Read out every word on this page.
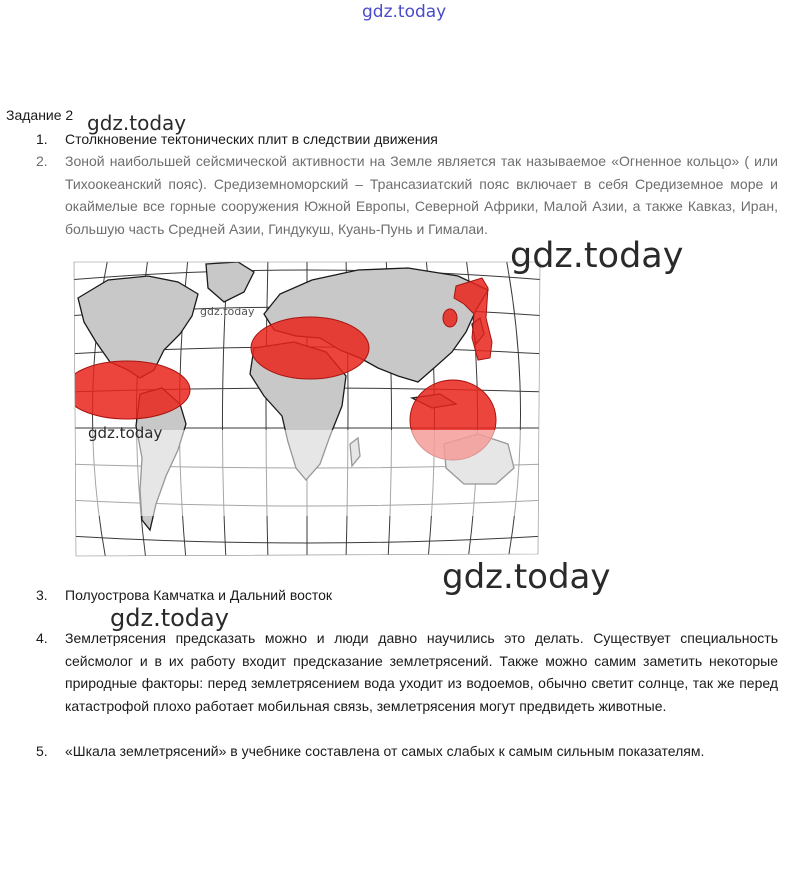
gdz.today
Задание 2
1.	Столкновение тектонических плит в следствии движения
2.	Зоной наибольшей сейсмической активности на Земле является так называемое «Огненное кольцо» ( или Тихоокеанский пояс). Средиземноморский – Трансазиатский пояс включает в себя Средиземное море и окаймелые все горные сооружения Южной Европы, Северной Африки, Малой Азии, а также Кавказ, Иран, большую часть Средней Азии, Гиндукуш, Куань-Пунь и Гималаи.
3.	Полуострова Камчатка и Дальний восток
4.	Землетрясения предсказать можно и люди давно научились это делать. Существует специальность сейсмолог и в их работу входит предсказание землетрясений. Также можно самим заметить некоторые природные факторы: перед землетрясением вода уходит из водоемов, обычно светит солнце, так же перед катастрофой плохо работает мобильная связь, землетрясения могут предвидеть животные.
5.	«Шкала землетрясений» в учебнике составлена от самых слабых к самым сильным показателям.
gdz.today
gdz.today
gdz.today
gdz.today
gdz.today
gdz.today
